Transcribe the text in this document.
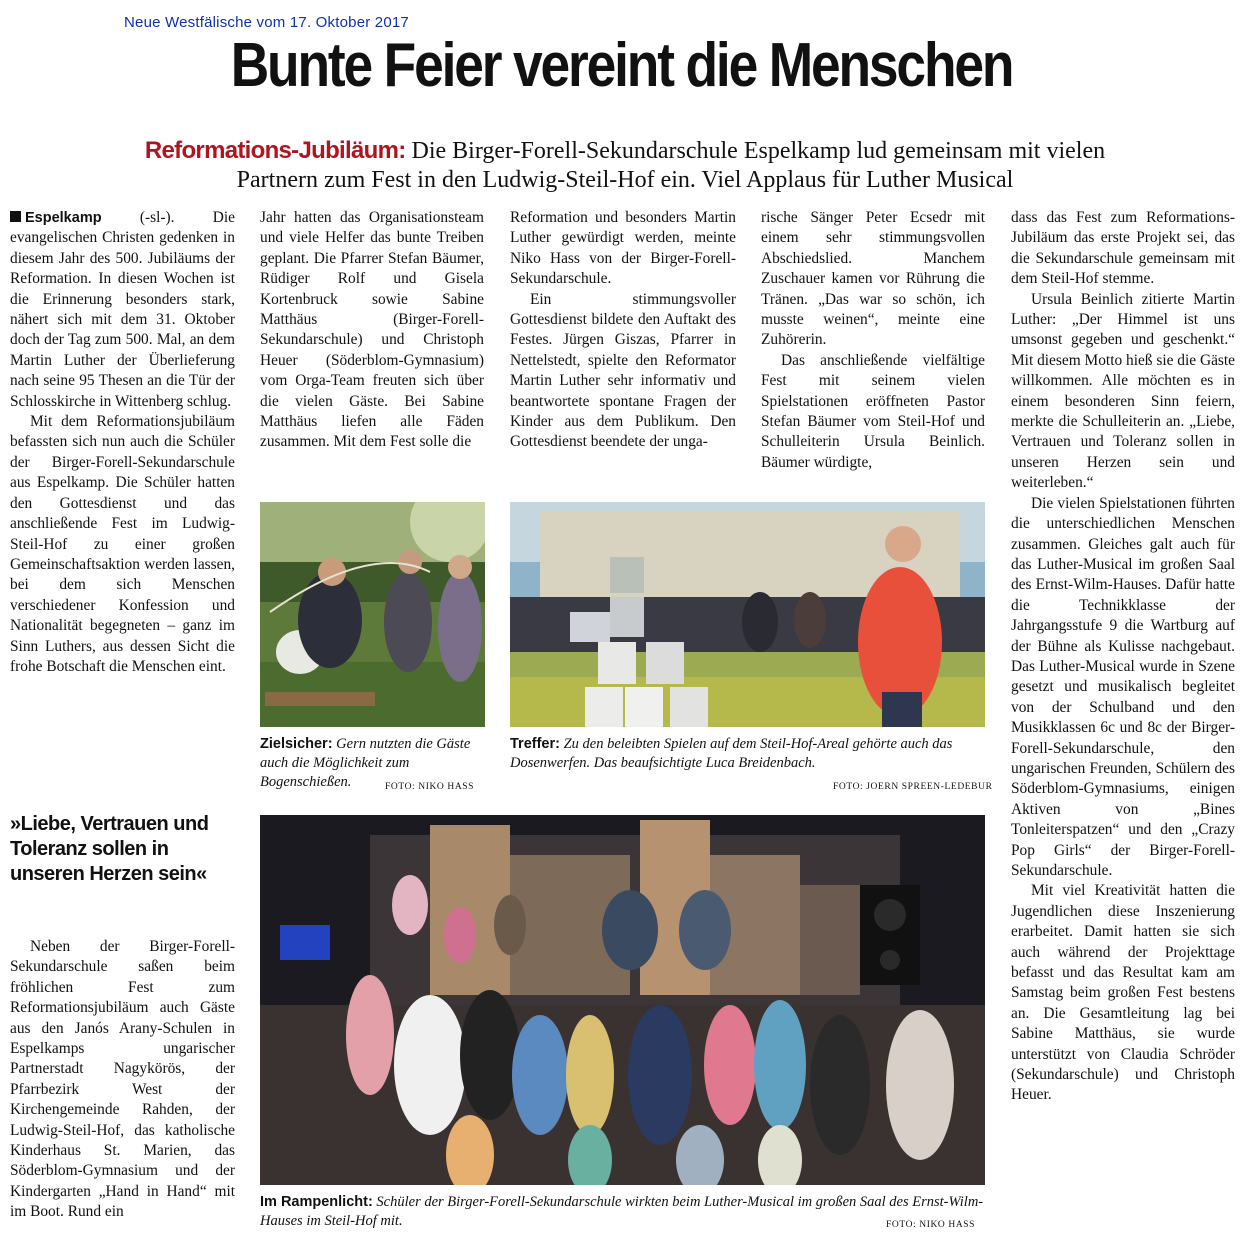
Neue Westfälische vom 17. Oktober 2017
Bunte Feier vereint die Menschen
Reformations-Jubiläum: Die Birger-Forell-Sekundarschule Espelkamp lud gemeinsam mit vielen
Partnern zum Fest in den Ludwig-Steil-Hof ein. Viel Applaus für Luther Musical

Espelkamp (-sl-). Die evangelischen Christen gedenken in diesem Jahr des 500. Jubiläums der Reformation. In diesen Wochen ist die Erinnerung besonders stark, nähert sich mit dem 31. Oktober doch der Tag zum 500. Mal, an dem Martin Luther der Überlieferung nach seine 95 Thesen an die Tür der Schlosskirche in Wittenberg schlug.

Mit dem Reformationsjubiläum befassten sich nun auch die Schüler der Birger-Forell-Sekundarschule aus Espelkamp. Die Schüler hatten den Gottesdienst und das anschließende Fest im Ludwig-Steil-Hof zu einer großen Gemeinschaftsaktion werden lassen, bei dem sich Menschen verschiedener Konfession und Nationalität begegneten – ganz im Sinn Luthers, aus dessen Sicht die frohe Botschaft die Menschen eint.

»Liebe, Vertrauen und Toleranz sollen in unseren Herzen sein«

Neben der Birger-Forell-Sekundarschule saßen beim fröhlichen Fest zum Reformationsjubiläum auch Gäste aus den Janós Arany-Schulen in Espelkamps ungarischer Partnerstadt Nagykörös, der Pfarrbezirk West der Kirchengemeinde Rahden, der Ludwig-Steil-Hof, das katholische Kinderhaus St. Marien, das Söderblom-Gymnasium und der Kindergarten „Hand in Hand“ mit im Boot. Rund ein

Jahr hatten das Organisationsteam und viele Helfer das bunte Treiben geplant. Die Pfarrer Stefan Bäumer, Rüdiger Rolf und Gisela Kortenbruck sowie Sabine Matthäus (Birger-Forell-Sekundarschule) und Christoph Heuer (Söderblom-Gymnasium) vom Orga-Team freuten sich über die vielen Gäste. Bei Sabine Matthäus liefen alle Fäden zusammen. Mit dem Fest solle die

Reformation und besonders Martin Luther gewürdigt werden, meinte Niko Hass von der Birger-Forell-Sekundarschule.

Ein stimmungsvoller Gottesdienst bildete den Auftakt des Festes. Jürgen Giszas, Pfarrer in Nettelstedt, spielte den Reformator Martin Luther sehr informativ und beantwortete spontane Fragen der Kinder aus dem Publikum. Den Gottesdienst beendete der unga-

rische Sänger Peter Ecsedr mit einem sehr stimmungsvollen Abschiedslied. Manchem Zuschauer kamen vor Rührung die Tränen. „Das war so schön, ich musste weinen“, meinte eine Zuhörerin.

Das anschließende vielfältige Fest mit seinem vielen Spielstationen eröffneten Pastor Stefan Bäumer vom Steil-Hof und Schulleiterin Ursula Beinlich. Bäumer würdigte,

dass das Fest zum Reformations-Jubiläum das erste Projekt sei, das die Sekundarschule gemeinsam mit dem Steil-Hof stemme.

Ursula Beinlich zitierte Martin Luther: „Der Himmel ist uns umsonst gegeben und geschenkt.“ Mit diesem Motto hieß sie die Gäste willkommen. Alle möchten es in einem besonderen Sinn feiern, merkte die Schulleiterin an. „Liebe, Vertrauen und Toleranz sollen in unseren Herzen sein und weiterleben.“

Die vielen Spielstationen führten die unterschiedlichen Menschen zusammen. Gleiches galt auch für das Luther-Musical im großen Saal des Ernst-Wilm-Hauses. Dafür hatte die Technikklasse der Jahrgangsstufe 9 die Wartburg auf der Bühne als Kulisse nachgebaut. Das Luther-Musical wurde in Szene gesetzt und musikalisch begleitet von der Schulband und den Musikklassen 6c und 8c der Birger-Forell-Sekundarschule, den ungarischen Freunden, Schülern des Söderblom-Gymnasiums, einigen Aktiven von „Bines Tonleiterspatzen“ und den „Crazy Pop Girls“ der Birger-Forell-Sekundarschule.

Mit viel Kreativität hatten die Jugendlichen diese Inszenierung erarbeitet. Damit hatten sie sich auch während der Projekttage befasst und das Resultat kam am Samstag beim großen Fest bestens an. Die Gesamtleitung lag bei Sabine Matthäus, sie wurde unterstützt von Claudia Schröder (Sekundarschule) und Christoph Heuer.

Zielsicher: Gern nutzten die Gäste auch die Möglichkeit zum Bogenschießen.	FOTO: NIKO HASS
Treffer: Zu den beleibten Spielen auf dem Steil-Hof-Areal gehörte auch das Dosenwerfen. Das beaufsichtigte Luca Breidenbach.
FOTO: JOERN SPREEN-LEDEBUR
Im Rampenlicht: Schüler der Birger-Forell-Sekundarschule wirkten beim Luther-Musical im großen Saal des Ernst-Wilm-Hauses im Steil-Hof mit.	FOTO: NIKO HASS
